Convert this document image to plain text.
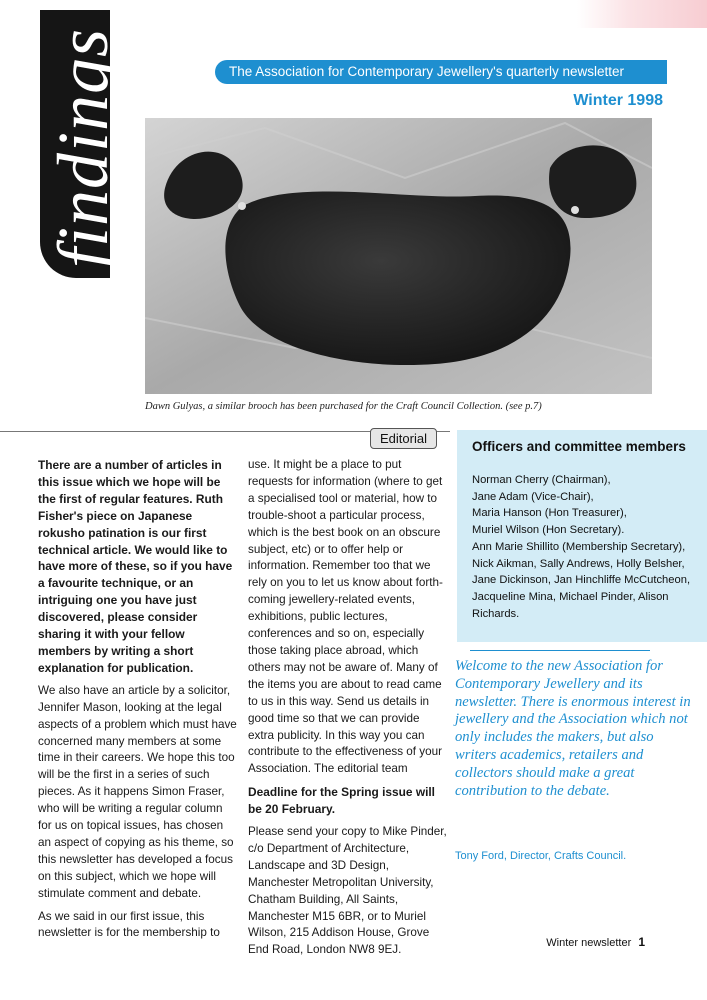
findings	The Association for Contemporary Jewellery's quarterly newsletter
Winter 1998
Dawn Gulyas, a similar brooch has been purchased for the Craft Council Collection. (see p.7)
Editorial

There are a number of articles in this issue which we hope will be the first of regular features. Ruth Fisher's piece on Japanese rokusho patination is our first technical article. We would like to have more of these, so if you have a favourite technique, or an intriguing one you have just discovered, please consider sharing it with your fellow members by writing a short explanation for publication.

We also have an article by a solicitor, Jennifer Mason, looking at the legal aspects of a problem which must have concerned many members at some time in their careers. We hope this too will be the first in a series of such pieces. As it happens Simon Fraser, who will be writing a regular column for us on topical issues, has chosen an aspect of copying as his theme, so this newsletter has developed a focus on this subject, which we hope will stimulate comment and debate.

As we said in our first issue, this newsletter is for the membership to

use. It might be a place to put requests for information (where to get a specialised tool or material, how to trouble-shoot a particular process, which is the best book on an obscure subject, etc) or to offer help or information. Remember too that we rely on you to let us know about forth-coming jewellery-related events, exhibitions, public lectures, conferences and so on, especially those taking place abroad, which others may not be aware of. Many of the items you are about to read came to us in this way. Send us details in good time so that we can provide extra publicity. In this way you can contribute to the effectiveness of your Association. The editorial team

Deadline for the Spring issue will be 20 February.

Please send your copy to Mike Pinder, c/o Department of Architecture, Landscape and 3D Design, Manchester Metropolitan University, Chatham Building, All Saints, Manchester M15 6BR, or to Muriel Wilson, 215 Addison House, Grove End Road, London NW8 9EJ.

Officers and committee members
Norman Cherry (Chairman),
Jane Adam (Vice-Chair),
Maria Hanson (Hon Treasurer),
Muriel Wilson (Hon Secretary).
Ann Marie Shillito (Membership Secretary), Nick Aikman, Sally Andrews, Holly Belsher, Jane Dickinson, Jan Hinchliffe McCutcheon, Jacqueline Mina, Michael Pinder, Alison Richards.
Welcome to the new Association for Contemporary Jewellery and its newsletter. There is enormous interest in jewellery and the Association which not only includes the makers, but also writers academics, retailers and collectors should make a great contribution to the debate.
Tony Ford, Director, Crafts Council.
Winter newsletter 1
